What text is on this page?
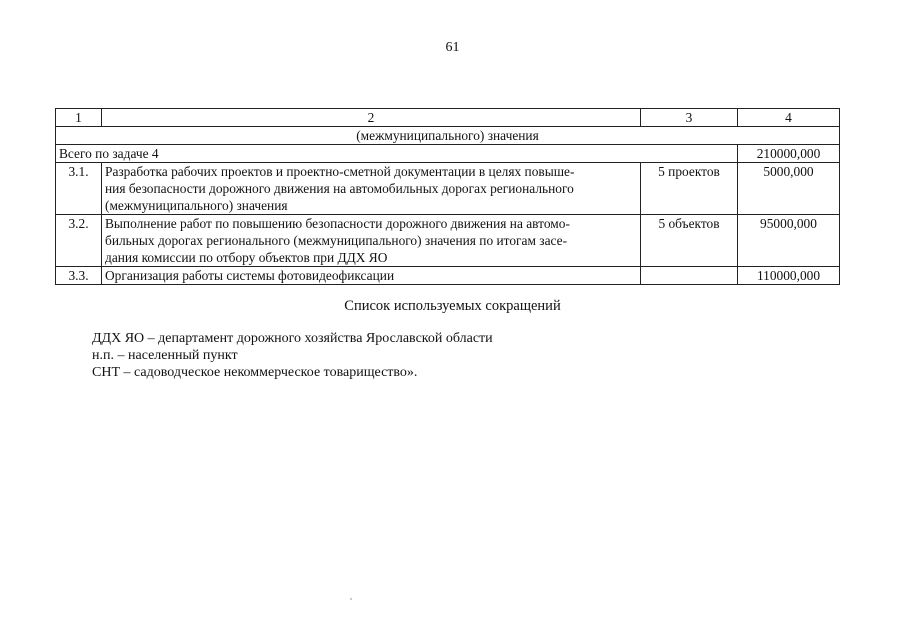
61
1	2	3	4
(межмуниципального) значения			
Всего по задаче 4			210000,000
3.1.	Разработка рабочих проектов и проектно-сметной документации в целях повыше-
ния безопасности дорожного движения на автомобильных дорогах регионального
(межмуниципального) значения	5 проектов	5000,000
3.2.	Выполнение работ по повышению безопасности дорожного движения на автомо-
бильных дорогах регионального (межмуниципального) значения по итогам засе-
дания комиссии по отбору объектов при ДДХ ЯО	5 объектов	95000,000
3.3.	Организация работы системы фотовидеофиксации		110000,000
Список используемых сокращений
ДДХ ЯО – департамент дорожного хозяйства Ярославской области
н.п. – населенный пункт
СНТ – садоводческое некоммерческое товарищество».
